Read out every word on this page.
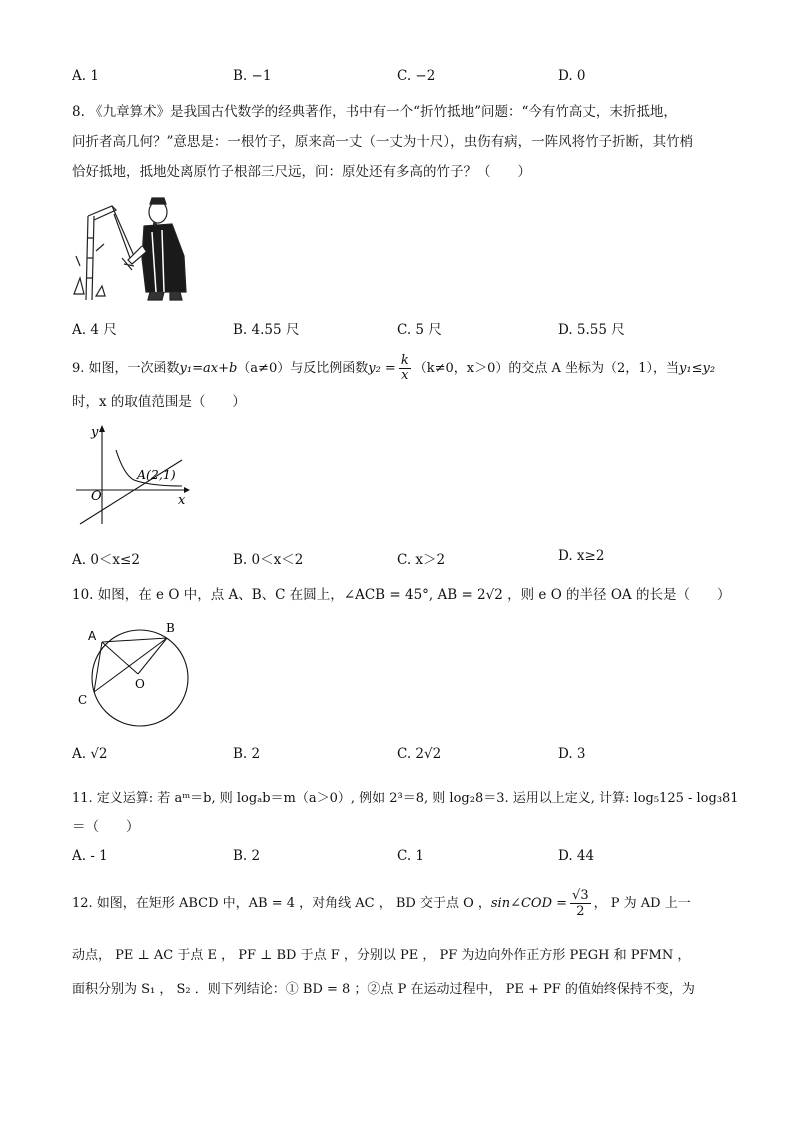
A. 1	B. −1	C. −2	D. 0
8. 《九章算术》是我国古代数学的经典著作，书中有一个“折竹抵地”问题：“今有竹高丈，末折抵地，
问折者高几何？”意思是：一根竹子，原来高一丈（一丈为十尺），虫伤有病，一阵风将竹子折断，其竹梢
恰好抵地，抵地处离原竹子根部三尺远，问：原处还有多高的竹子？（　　）
A. 4 尺	B. 4.55 尺	C. 5 尺	D. 5.55 尺
9. 如图，一次函数y₁=ax+b（a≠0）与反比例函数$y_2 = \frac{k}{x} (k\ne 0$，x＞0）的交点 A 坐标为（2，1），当y₁≤y₂
时，x 的取值范围是（　　）
y
x
O
A(2,1)
A. 0＜x≤2	B. 0＜x＜2	C. x＞2	D. x≥2
10. 如图，在 e O 中，点 A、B、C 在圆上，∠ACB = 45°, AB = 2√2 ，则 e O 的半径 OA 的长是（　　）
A
B
C
O
A. √2	B. 2	C. 2√2	D. 3
11. 定义运算: 若 aᵐ＝b, 则 logₐb＝m（a＞0）, 例如 2³＝8, 则 log₂8＝3. 运用以上定义, 计算: log₅125 - log₃81
＝（　　）
A. - 1	B. 2	C. 1	D. 44
12. 如图，在矩形 ABCD 中，AB = 4 ，对角线 AC ， BD 交于点 O ，sin∠COD = $\frac{√3}{2}$ ， P 为 AD 上一
动点， PE ⊥ AC 于点 E ， PF ⊥ BD 于点 F ，分别以 PE ， PF 为边向外作正方形 PEGH 和 PFMN ，
面积分别为 S₁ ， S₂ ．则下列结论：① BD = 8 ；②点 P 在运动过程中， PE + PF 的值始终保持不变，为
